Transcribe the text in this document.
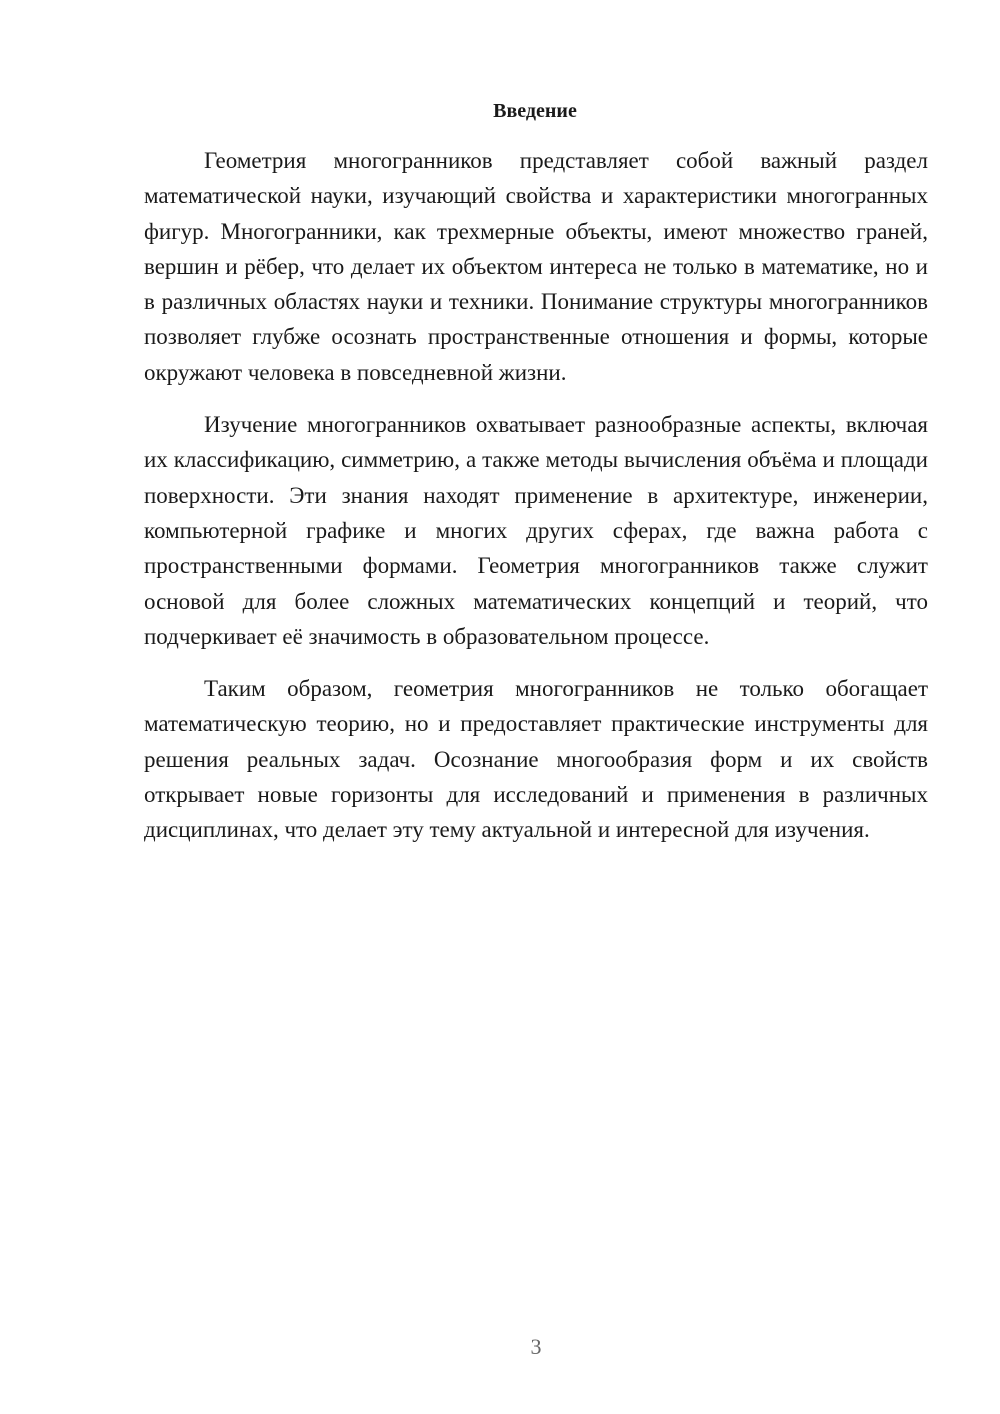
Введение

Геометрия многогранников представляет собой важный раздел математической науки, изучающий свойства и характеристики многогранных фигур. Многогранники, как трехмерные объекты, имеют множество граней, вершин и рёбер, что делает их объектом интереса не только в математике, но и в различных областях науки и техники. Понимание структуры многогранников позволяет глубже осознать пространственные отношения и формы, которые окружают человека в повседневной жизни.

Изучение многогранников охватывает разнообразные аспекты, включая их классификацию, симметрию, а также методы вычисления объёма и площади поверхности. Эти знания находят применение в архитектуре, инженерии, компьютерной графике и многих других сферах, где важна работа с пространственными формами. Геометрия многогранников также служит основой для более сложных математических концепций и теорий, что подчеркивает её значимость в образовательном процессе.

Таким образом, геометрия многогранников не только обогащает математическую теорию, но и предоставляет практические инструменты для решения реальных задач. Осознание многообразия форм и их свойств открывает новые горизонты для исследований и применения в различных дисциплинах, что делает эту тему актуальной и интересной для изучения.

3
